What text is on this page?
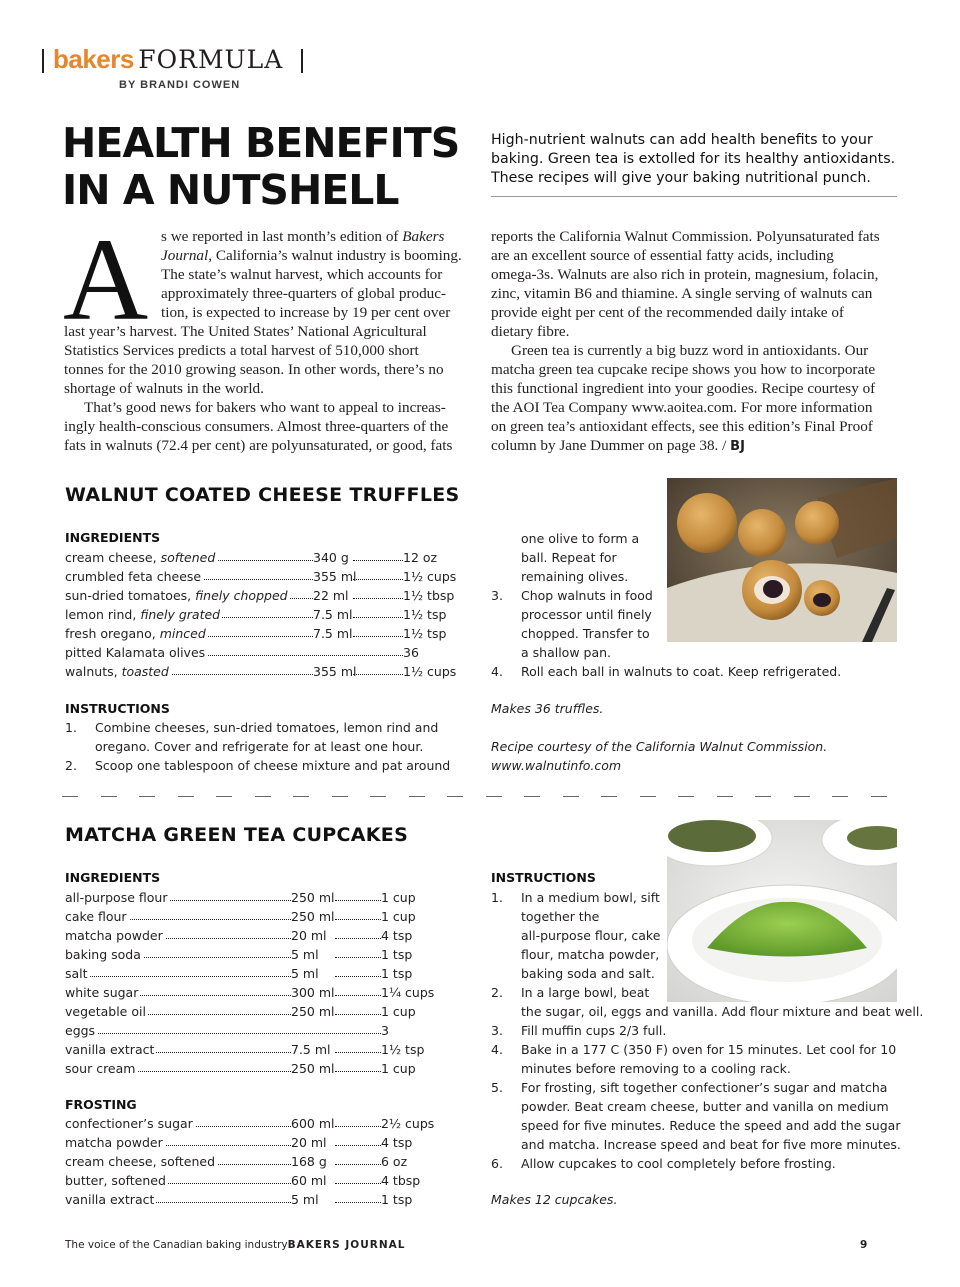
bakers FORMULA
BY BRANDI COWEN
HEALTH BENEFITS
IN A NUTSHELL
High-nutrient walnuts can add health benefits to your
baking. Green tea is extolled for its healthy antioxidants.
These recipes will give your baking nutritional punch.
A s we reported in last month’s edition of Bakers
Journal, California’s walnut industry is booming.
The state’s walnut harvest, which accounts for
approximately three-quarters of global produc-
tion, is expected to increase by 19 per cent over
last year’s harvest. The United States’ National Agricultural
Statistics Services predicts a total harvest of 510,000 short
tonnes for the 2010 growing season. In other words, there’s no
shortage of walnuts in the world.
That’s good news for bakers who want to appeal to increas-
ingly health-conscious consumers. Almost three-quarters of the
fats in walnuts (72.4 per cent) are polyunsaturated, or good, fats
reports the California Walnut Commission. Polyunsaturated fats
are an excellent source of essential fatty acids, including
omega-3s. Walnuts are also rich in protein, magnesium, folacin,
zinc, vitamin B6 and thiamine. A single serving of walnuts can
provide eight per cent of the recommended daily intake of
dietary fibre.
Green tea is currently a big buzz word in antioxidants. Our
matcha green tea cupcake recipe shows you how to incorporate
this functional ingredient into your goodies. Recipe courtesy of
the AOI Tea Company www.aoitea.com. For more information
on green tea’s antioxidant effects, see this edition’s Final Proof
column by Jane Dummer on page 38. / BJ
WALNUT COATED CHEESE TRUFFLES
INGREDIENTS
cream cheese, softened	340 g	12 oz
crumbled feta cheese	355 ml	1½ cups
sun-dried tomatoes, finely chopped 22 ml	1½ tbsp
lemon rind, finely grated	7.5 ml	1½ tsp
fresh oregano, minced	7.5 ml	1½ tsp
pitted Kalamata olives	36
walnuts, toasted	355 ml	1½ cups
INSTRUCTIONS
1. Combine cheeses, sun-dried tomatoes, lemon rind and
oregano. Cover and refrigerate for at least one hour.
2. Scoop one tablespoon of cheese mixture and pat around
one olive to form a
ball. Repeat for
remaining olives.
3. Chop walnuts in food
processor until finely
chopped. Transfer to
a shallow pan.
4. Roll each ball in walnuts to coat. Keep refrigerated.
Makes 36 truffles.
Recipe courtesy of the California Walnut Commission.
www.walnutinfo.com
MATCHA GREEN TEA CUPCAKES
INGREDIENTS
all-purpose flour	250 ml	1 cup
cake flour	250 ml	1 cup
matcha powder	20 ml	4 tsp
baking soda	5 ml	1 tsp
salt	5 ml	1 tsp
white sugar	300 ml	1¼ cups
vegetable oil	250 ml	1 cup
eggs	3
vanilla extract	7.5 ml	1½ tsp
sour cream	250 ml	1 cup
FROSTING
confectioner’s sugar	600 ml	2½ cups
matcha powder	20 ml	4 tsp
cream cheese, softened	168 g	6 oz
butter, softened	60 ml	4 tbsp
vanilla extract	5 ml	1 tsp
INSTRUCTIONS
1. In a medium bowl, sift
together the
all-purpose flour, cake
flour, matcha powder,
baking soda and salt.
2. In a large bowl, beat
the sugar, oil, eggs and vanilla. Add flour mixture and beat well.
3. Fill muffin cups 2/3 full.
4. Bake in a 177 C (350 F) oven for 15 minutes. Let cool for 10
minutes before removing to a cooling rack.
5. For frosting, sift together confectioner’s sugar and matcha
powder. Beat cream cheese, butter and vanilla on medium
speed for five minutes. Reduce the speed and add the sugar
and matcha. Increase speed and beat for five more minutes.
6. Allow cupcakes to cool completely before frosting.
Makes 12 cupcakes.
The voice of the Canadian baking industryBAKERS JOURNAL	9
